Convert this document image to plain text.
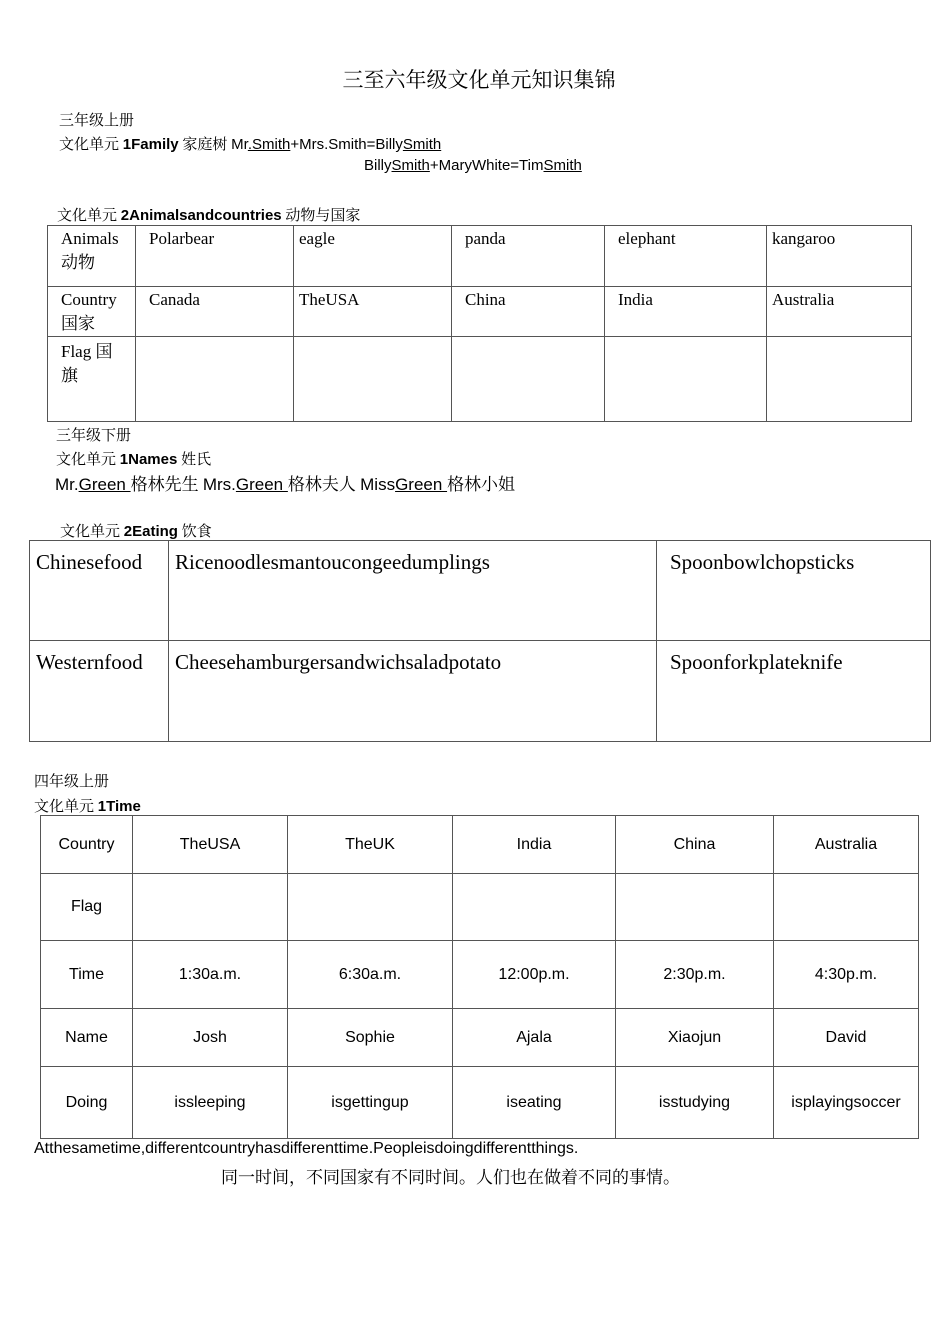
三至六年级文化单元知识集锦
三年级上册
文化单元 1Family 家庭树 Mr.Smith+Mrs.Smith=BillySmith
BillySmith+MaryWhite=TimSmith
文化单元 2Animalsandcountries 动物与国家
Animals 动物	Polarbear	eagle	panda	elephant	kangaroo
Country 国家	Canada	TheUSA	China	India	Australia
Flag 国旗					
三年级下册
文化单元 1Names 姓氏
Mr.Green 格林先生 Mrs.Green 格林夫人 MissGreen 格林小姐
文化单元 2Eating 饮食
Chinesefood	Ricenoodlesmantoucongeedumplings	Spoonbowlchopsticks
Westernfood	Cheesehamburgersandwichsaladpotato	Spoonforkplateknife
四年级上册
文化单元 1Time
Country	TheUSA	TheUK	India	China	Australia
Flag					
Time	1:30a.m.	6:30a.m.	12:00p.m.	2:30p.m.	4:30p.m.
Name	Josh	Sophie	Ajala	Xiaojun	David
Doing	issleeping	isgettingup	iseating	isstudying	isplayingsoccer
Atthesametime,differentcountryhasdifferenttime.Peopleisdoingdifferentthings.
同一时间，不同国家有不同时间。人们也在做着不同的事情。
